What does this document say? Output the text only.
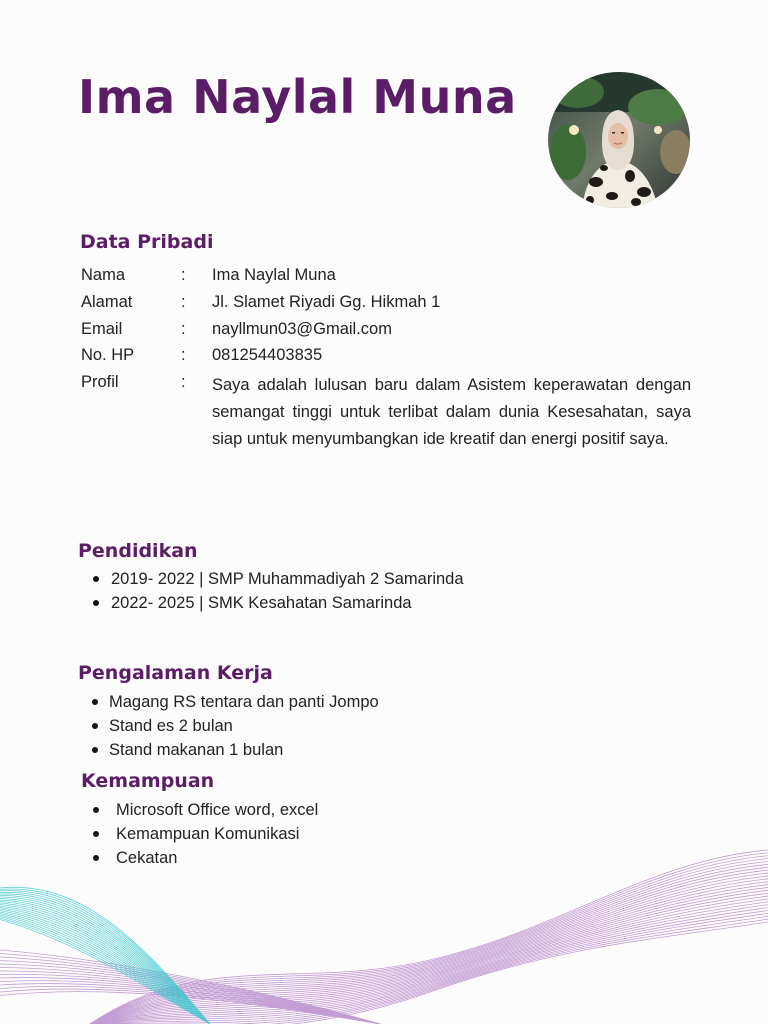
Ima Naylal Muna
Data Pribadi
Nama	: Ima Naylal Muna
Alamat	: Jl. Slamet Riyadi Gg. Hikmah 1
Email	: nayllmun03@Gmail.com
No. HP	: 081254403835
Profil	: Saya adalah lulusan baru dalam Asistem keperawatan dengan semangat tinggi untuk terlibat dalam dunia Kesesahatan, saya siap untuk menyumbangkan ide kreatif dan energi positif saya.
Pendidikan
2019- 2022 | SMP Muhammadiyah 2 Samarinda
2022- 2025 | SMK Kesahatan Samarinda
Pengalaman Kerja
Magang RS tentara dan panti Jompo
Stand es 2 bulan
Stand makanan 1 bulan
Kemampuan
Microsoft Office word, excel
Kemampuan Komunikasi
Cekatan
